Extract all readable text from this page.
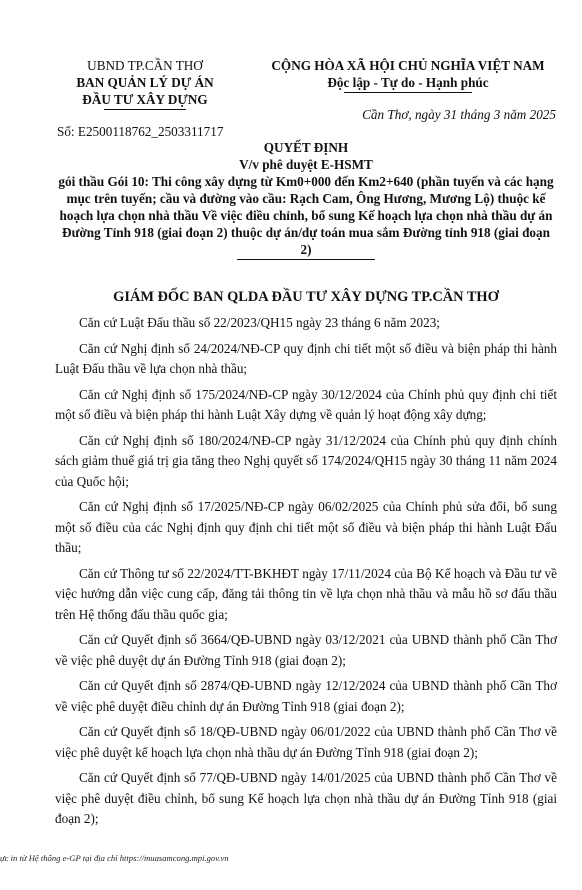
UBND TP.CẦN THƠ
BAN QUẢN LÝ DỰ ÁN
ĐẦU TƯ XÂY DỰNG
CỘNG HÒA XÃ HỘI CHỦ NGHĨA VIỆT NAM
Độc lập - Tự do - Hạnh phúc
Cần Thơ, ngày 31 tháng 3 năm 2025
Số: E2500118762_2503311717
QUYẾT ĐỊNH
V/v phê duyệt E-HSMT
gói thầu Gói 10: Thi công xây dựng từ Km0+000 đến Km2+640 (phần tuyến và các hạng mục trên tuyến; cầu và đường vào cầu: Rạch Cam, Ông Hương, Mương Lộ) thuộc kế hoạch lựa chọn nhà thầu Về việc điều chỉnh, bổ sung Kế hoạch lựa chọn nhà thầu dự án Đường Tỉnh 918 (giai đoạn 2) thuộc dự án/dự toán mua sắm Đường tỉnh 918 (giai đoạn 2)
GIÁM ĐỐC BAN QLDA ĐẦU TƯ XÂY DỰNG TP.CẦN THƠ

Căn cứ Luật Đấu thầu số 22/2023/QH15 ngày 23 tháng 6 năm 2023;

Căn cứ Nghị định số 24/2024/NĐ-CP quy định chi tiết một số điều và biện pháp thi hành Luật Đấu thầu về lựa chọn nhà thầu;

Căn cứ Nghị định số 175/2024/NĐ-CP ngày 30/12/2024 của Chính phủ quy định chi tiết một số điều và biện pháp thi hành Luật Xây dựng về quản lý hoạt động xây dựng;

Căn cứ Nghị định số 180/2024/NĐ-CP ngày 31/12/2024 của Chính phủ quy định chính sách giảm thuế giá trị gia tăng theo Nghị quyết số 174/2024/QH15 ngày 30 tháng 11 năm 2024 của Quốc hội;

Căn cứ Nghị định số 17/2025/NĐ-CP ngày 06/02/2025 của Chính phủ sửa đổi, bổ sung một số điều của các Nghị định quy định chi tiết một số điều và biện pháp thi hành Luật Đấu thầu;

Căn cứ Thông tư số 22/2024/TT-BKHĐT ngày 17/11/2024 của Bộ Kế hoạch và Đầu tư về việc hướng dẫn việc cung cấp, đăng tải thông tin về lựa chọn nhà thầu và mẫu hồ sơ đấu thầu trên Hệ thống đấu thầu quốc gia;

Căn cứ Quyết định số 3664/QĐ-UBND ngày 03/12/2021 của UBND thành phố Cần Thơ về việc phê duyệt dự án Đường Tỉnh 918 (giai đoạn 2);

Căn cứ Quyết định số 2874/QĐ-UBND ngày 12/12/2024 của UBND thành phố Cần Thơ về việc phê duyệt điều chỉnh dự án Đường Tỉnh 918 (giai đoạn 2);

Căn cứ Quyết định số 18/QĐ-UBND ngày 06/01/2022 của UBND thành phố Cần Thơ về việc phê duyệt kế hoạch lựa chọn nhà thầu dự án Đường Tỉnh 918 (giai đoạn 2);

Căn cứ Quyết định số 77/QĐ-UBND ngày 14/01/2025 của UBND thành phố Cần Thơ về việc phê duyệt điều chỉnh, bổ sung Kế hoạch lựa chọn nhà thầu dự án Đường Tỉnh 918 (giai đoạn 2);

ực in từ Hệ thống e-GP tại địa chỉ https://muasamcong.mpi.gov.vn
